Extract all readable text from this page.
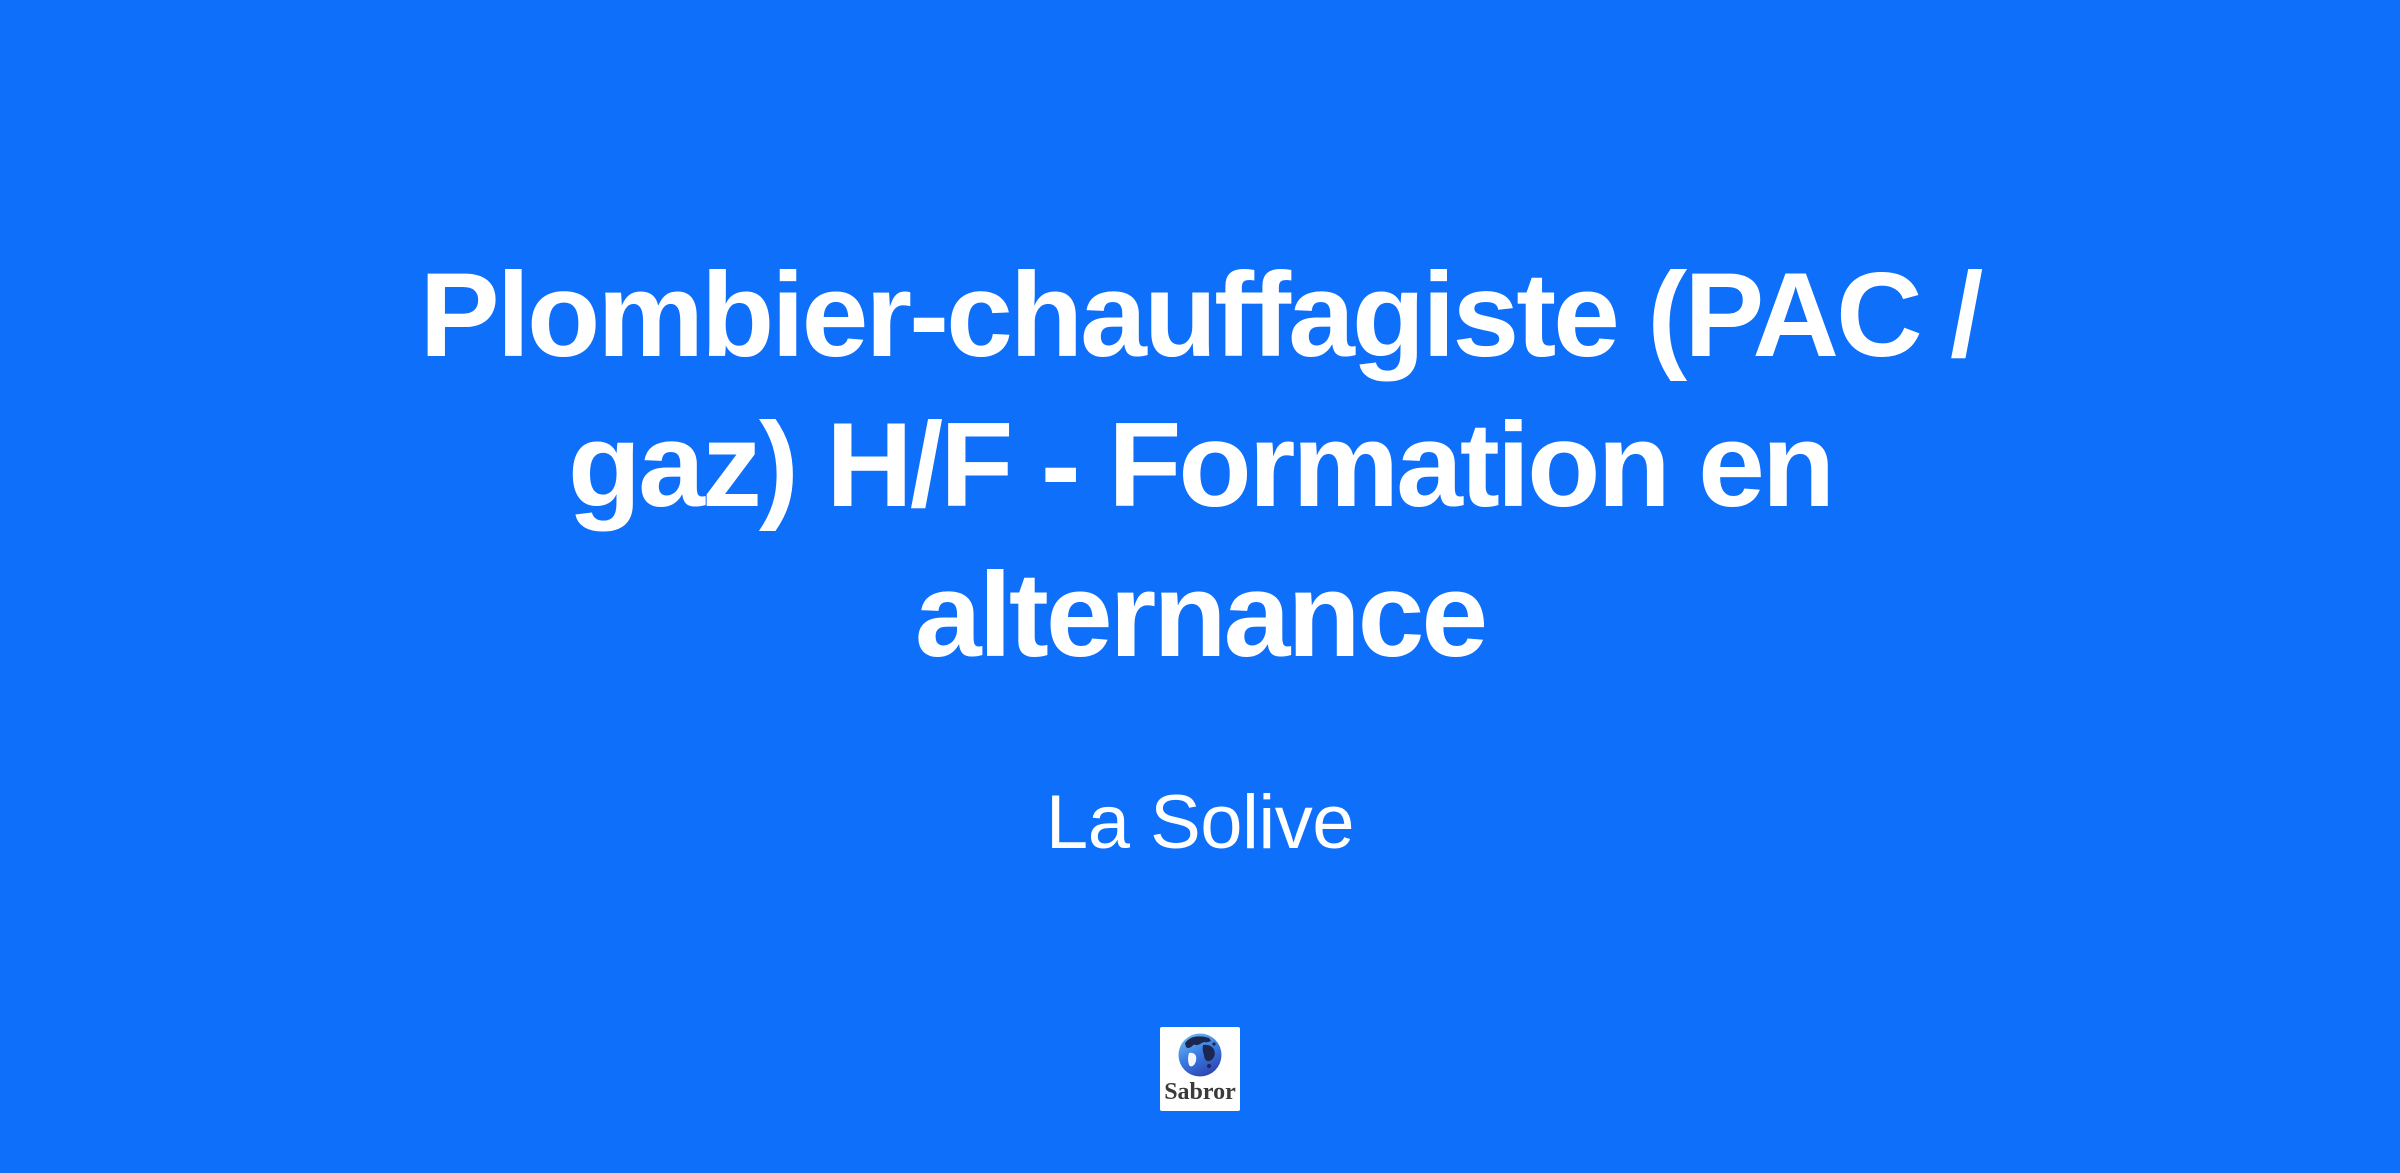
Plombier-chauffagiste (PAC /
gaz) H/F - Formation en
alternance
La Solive
Sabror
